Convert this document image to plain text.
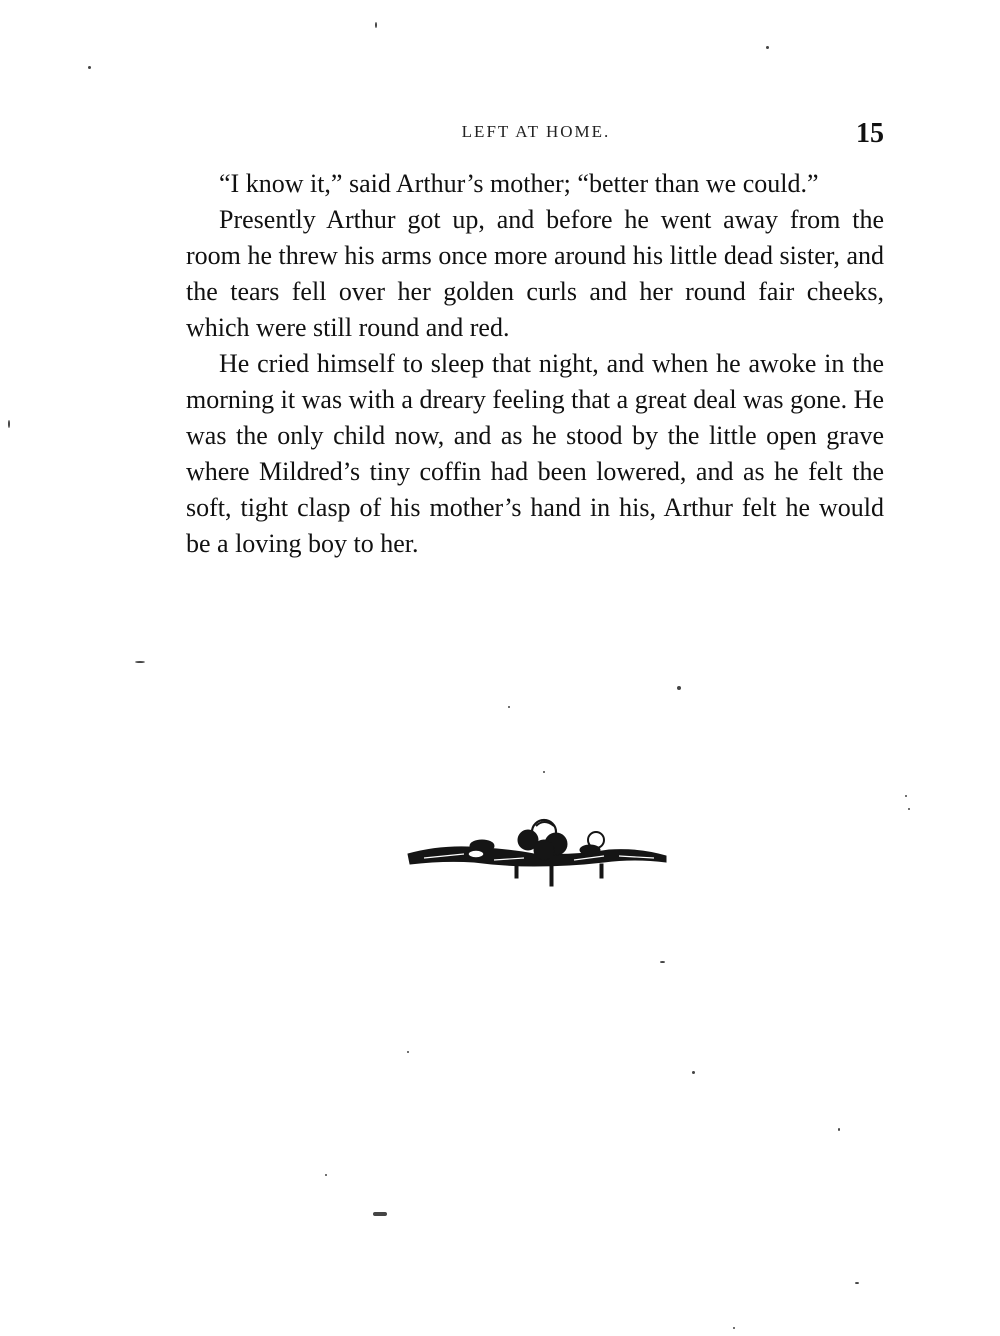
LEFT AT HOME.	15

“I know it,” said Arthur’s mother; “better than we could.”

Presently Arthur got up, and before he went away from the room he threw his arms once more around his little dead sister, and the tears fell over her golden curls and her round fair cheeks, which were still round and red.

He cried himself to sleep that night, and when he awoke in the morning it was with a dreary feeling that a great deal was gone. He was the only child now, and as he stood by the little open grave where Mildred’s tiny coffin had been lowered, and as he felt the soft, tight clasp of his mother’s hand in his, Arthur felt he would be a loving boy to her.
